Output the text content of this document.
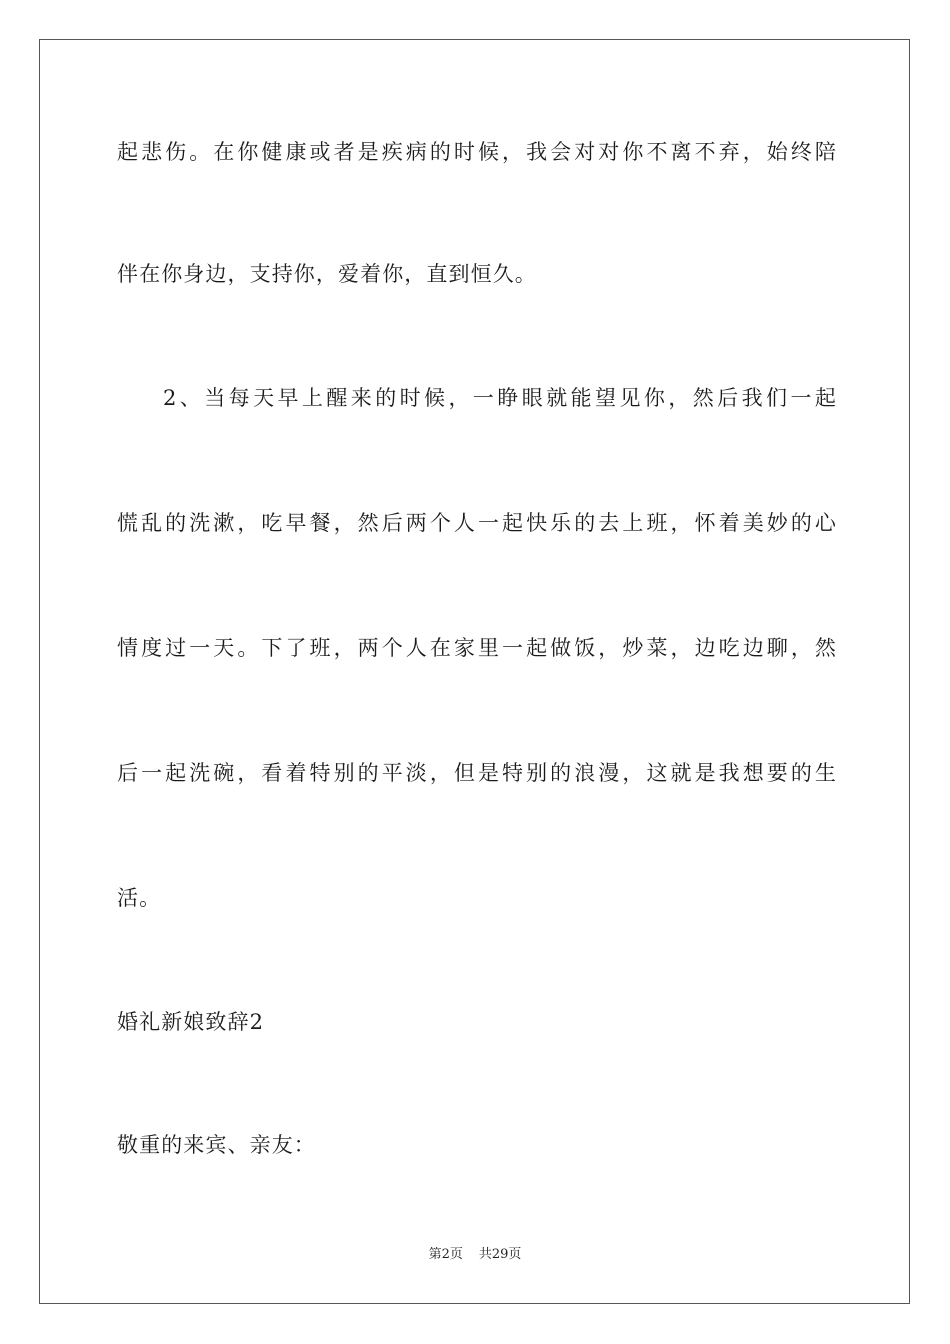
起悲伤。在你健康或者是疾病的时候，我会对对你不离不弃，始终陪
伴在你身边，支持你，爱着你，直到恒久。
2、当每天早上醒来的时候，一睁眼就能望见你，然后我们一起
慌乱的洗漱，吃早餐，然后两个人一起快乐的去上班，怀着美妙的心
情度过一天。下了班，两个人在家里一起做饭，炒菜，边吃边聊，然
后一起洗碗，看着特别的平淡，但是特别的浪漫，这就是我想要的生
活。
婚礼新娘致辞2
敬重的来宾、亲友：
第2页 共29页
